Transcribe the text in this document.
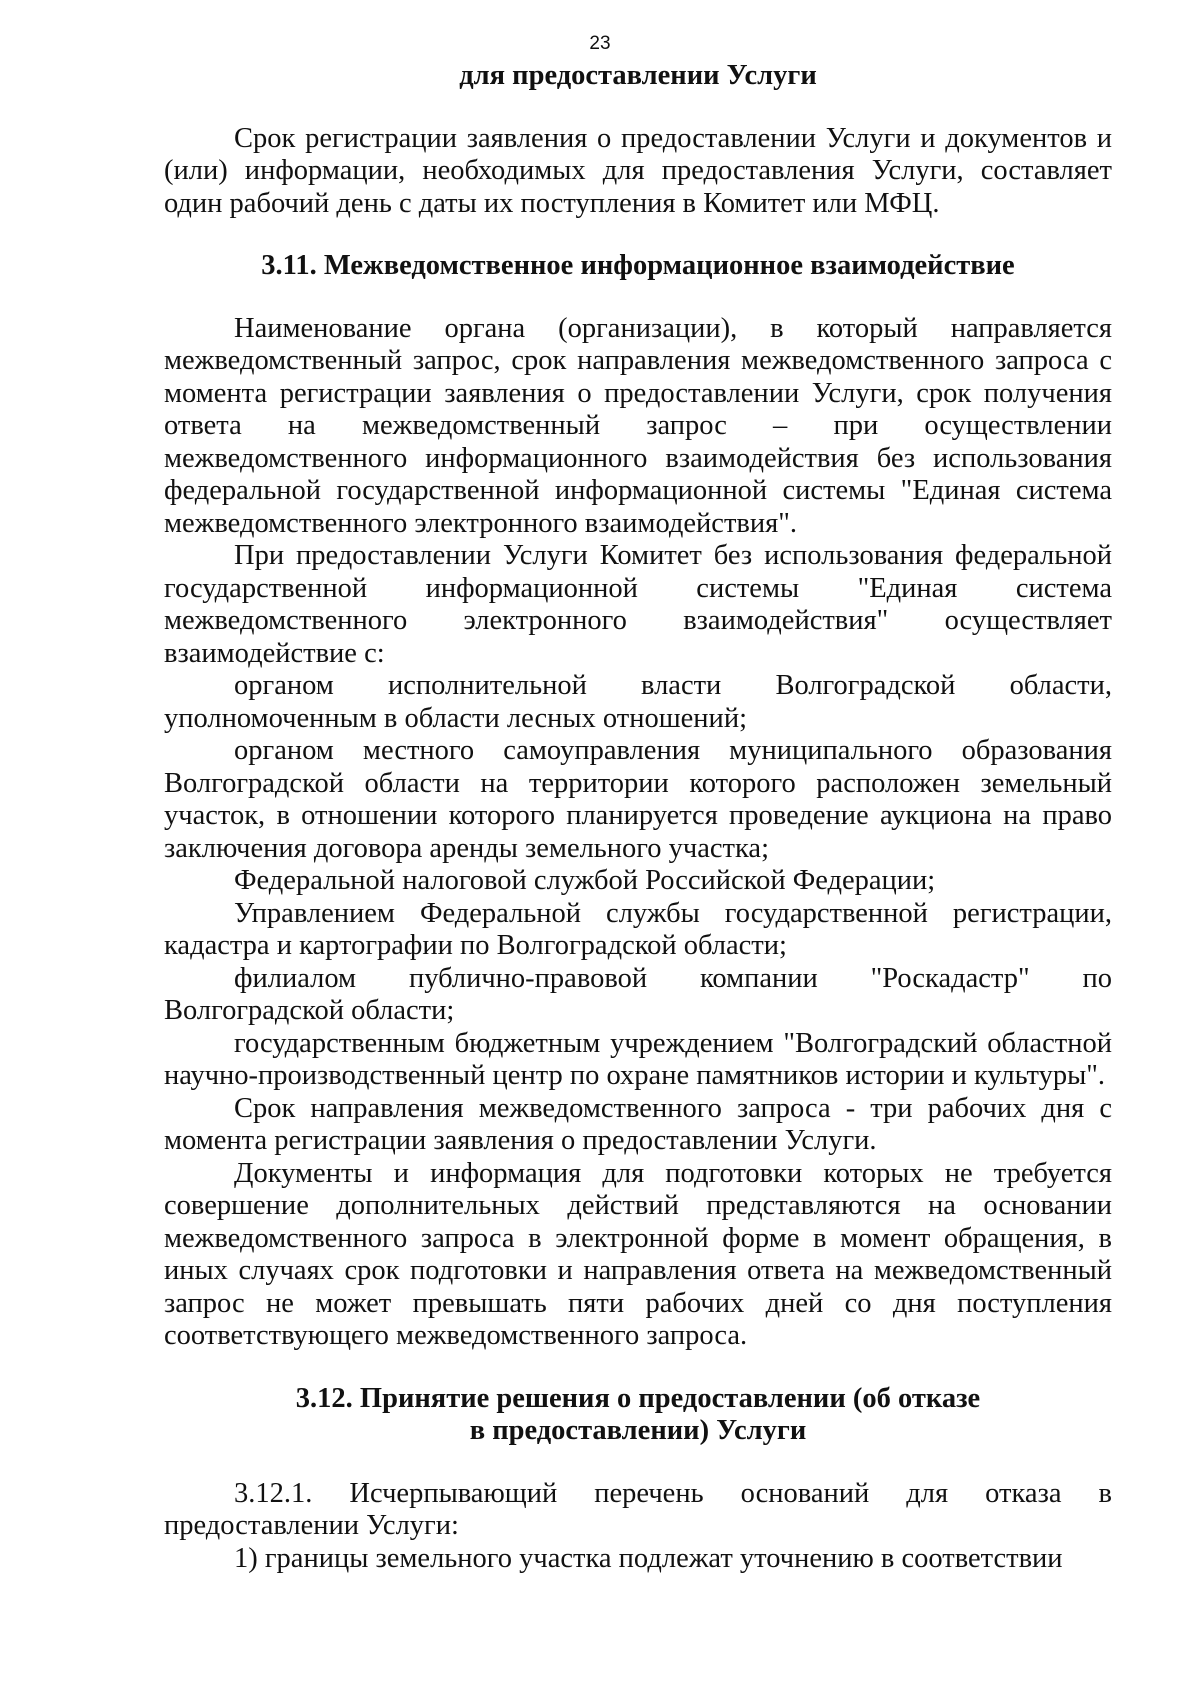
23
для предоставлении Услуги

Срок регистрации заявления о предоставлении Услуги и документов и (или) информации, необходимых для предоставления Услуги, составляет один рабочий день с даты их поступления в Комитет или МФЦ.

3.11. Межведомственное информационное взаимодействие

Наименование органа (организации), в который направляется межведомственный запрос, срок направления межведомственного запроса с момента регистрации заявления о предоставлении Услуги, срок получения ответа на межведомственный запрос – при осуществлении межведомственного информационного взаимодействия без использования федеральной государственной информационной системы "Единая система межведомственного электронного взаимодействия".

При предоставлении Услуги Комитет без использования федеральной государственной информационной системы "Единая система межведомственного электронного взаимодействия" осуществляет взаимодействие с:

органом исполнительной власти Волгоградской области, уполномоченным в области лесных отношений;

органом местного самоуправления муниципального образования Волгоградской области на территории которого расположен земельный участок, в отношении которого планируется проведение аукциона на право заключения договора аренды земельного участка;

Федеральной налоговой службой Российской Федерации;

Управлением Федеральной службы государственной регистрации, кадастра и картографии по Волгоградской области;

филиалом публично-правовой компании "Роскадастр" по Волгоградской области;

государственным бюджетным учреждением "Волгоградский областной научно-производственный центр по охране памятников истории и культуры".

Срок направления межведомственного запроса - три рабочих дня с момента регистрации заявления о предоставлении Услуги.

Документы и информация для подготовки которых не требуется совершение дополнительных действий представляются на основании межведомственного запроса в электронной форме в момент обращения, в иных случаях срок подготовки и направления ответа на межведомственный запрос не может превышать пяти рабочих дней со дня поступления соответствующего межведомственного запроса.

3.12. Принятие решения о предоставлении (об отказе
в предоставлении) Услуги

3.12.1. Исчерпывающий перечень оснований для отказа в предоставлении Услуги:

1) границы земельного участка подлежат уточнению в соответствии
